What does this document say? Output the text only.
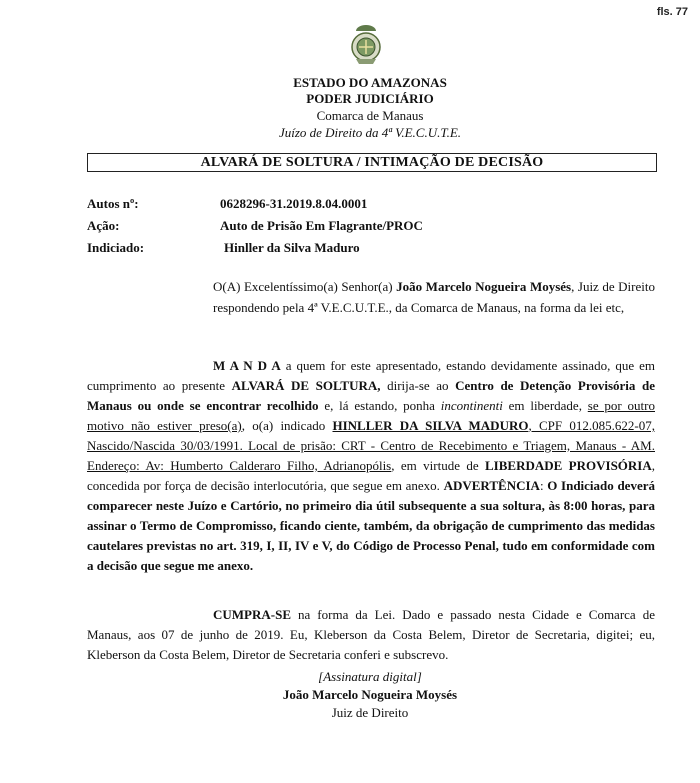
fls. 77
ESTADO DO AMAZONAS
PODER JUDICIÁRIO
Comarca de Manaus
Juízo de Direito da 4ª V.E.C.U.T.E.
ALVARÁ DE SOLTURA / INTIMAÇÃO DE DECISÃO
Autos nº:	0628296-31.2019.8.04.0001
Ação:	Auto de Prisão Em Flagrante/PROC
Indiciado:	Hinller da Silva Maduro
O(A) Excelentíssimo(a) Senhor(a) João Marcelo Nogueira Moysés, Juiz de Direito respondendo pela 4ª V.E.C.U.T.E., da Comarca de Manaus, na forma da lei etc,
M A N D A a quem for este apresentado, estando devidamente assinado, que em cumprimento ao presente ALVARÁ DE SOLTURA, dirija-se ao Centro de Detenção Provisória de Manaus ou onde se encontrar recolhido e, lá estando, ponha incontinenti em liberdade, se por outro motivo não estiver preso(a), o(a) indicado HINLLER DA SILVA MADURO, CPF 012.085.622-07, Nascido/Nascida 30/03/1991. Local de prisão: CRT - Centro de Recebimento e Triagem, Manaus - AM. Endereço: Av: Humberto Calderaro Filho, Adrianopólis, em virtude de LIBERDADE PROVISÓRIA, concedida por força de decisão interlocutória, que segue em anexo. ADVERTÊNCIA: O Indiciado deverá comparecer neste Juízo e Cartório, no primeiro dia útil subsequente a sua soltura, às 8:00 horas, para assinar o Termo de Compromisso, ficando ciente, também, da obrigação de cumprimento das medidas cautelares previstas no art. 319, I, II, IV e V, do Código de Processo Penal, tudo em conformidade com a decisão que segue me anexo.
CUMPRA-SE na forma da Lei. Dado e passado nesta Cidade e Comarca de Manaus, aos 07 de junho de 2019. Eu, Kleberson da Costa Belem, Diretor de Secretaria, digitei; eu, Kleberson da Costa Belem, Diretor de Secretaria conferi e subscrevo.
[Assinatura digital]
João Marcelo Nogueira Moysés
Juiz de Direito
